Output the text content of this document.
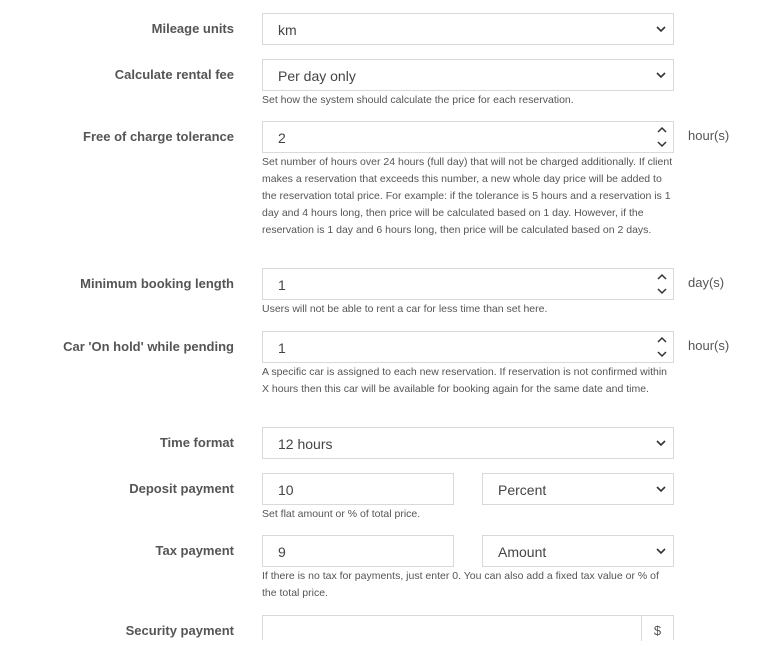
Mileage units	km
Calculate rental fee	Per day only
Set how the system should calculate the price for each reservation.
Free of charge tolerance	2	hour(s)
Set number of hours over 24 hours (full day) that will not be charged additionally. If client makes a reservation that exceeds this number, a new whole day price will be added to the reservation total price. For example: if the tolerance is 5 hours and a reservation is 1 day and 4 hours long, then price will be calculated based on 1 day. However, if the reservation is 1 day and 6 hours long, then price will be calculated based on 2 days.
Minimum booking length	1	day(s)
Users will not be able to rent a car for less time than set here.
Car 'On hold' while pending	1	hour(s)
A specific car is assigned to each new reservation. If reservation is not confirmed within X hours then this car will be available for booking again for the same date and time.
Time format	12 hours
Deposit payment	10	Percent
Set flat amount or % of total price.
Tax payment	9	Amount
If there is no tax for payments, just enter 0. You can also add a fixed tax value or % of the total price.
Security payment	$
